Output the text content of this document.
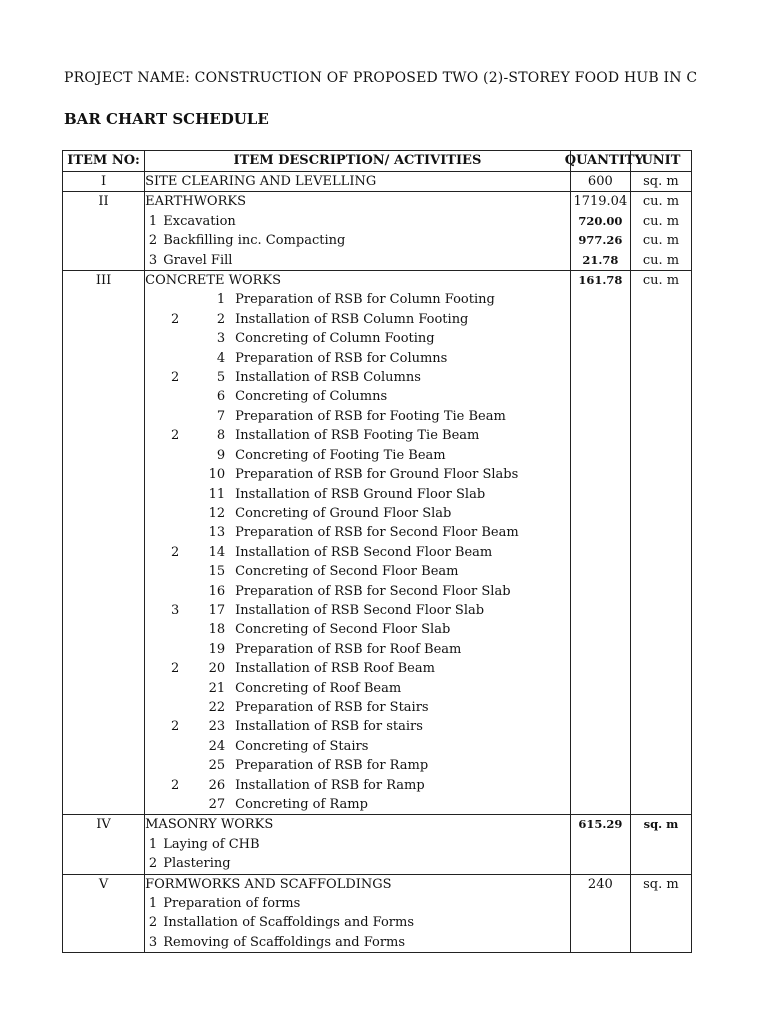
PROJECT NAME: CONSTRUCTION OF PROPOSED TWO (2)-STOREY FOOD HUB IN C
BAR CHART SCHEDULE
ITEM NO:	ITEM DESCRIPTION/ ACTIVITIES	QUANTITY	UNIT
I	SITE CLEARING AND LEVELLING	600	sq. m
II	EARTHWORKS	1719.04	cu. m
	1 Excavation	720.00	cu. m
	2 Backfilling inc. Compacting	977.26	cu. m
	3 Gravel Fill	21.78	cu. m
III	CONCRETE WORKS	161.78	cu. m
	1 Preparation of RSB for Column Footing		
	2 2 Installation of RSB Column Footing		
	3 Concreting of Column Footing		
	4 Preparation of RSB for Columns		
	2 5 Installation of RSB Columns		
	6 Concreting of Columns		
	7 Preparation of RSB for Footing Tie Beam		
	2 8 Installation of RSB Footing Tie Beam		
	9 Concreting of Footing Tie Beam		
	10 Preparation of RSB for Ground Floor Slabs		
	11 Installation of RSB Ground Floor Slab		
	12 Concreting of Ground Floor Slab		
	13 Preparation of RSB for Second Floor Beam		
	2 14 Installation of RSB Second Floor Beam		
	15 Concreting of Second Floor Beam		
	16 Preparation of RSB for Second Floor Slab		
	3 17 Installation of RSB Second Floor Slab		
	18 Concreting of Second Floor Slab		
	19 Preparation of RSB for Roof Beam		
	2 20 Installation of RSB Roof Beam		
	21 Concreting of Roof Beam		
	22 Preparation of RSB for Stairs		
	2 23 Installation of RSB for stairs		
	24 Concreting of Stairs		
	25 Preparation of RSB for Ramp		
	2 26 Installation of RSB for Ramp		
	27 Concreting of Ramp		
IV	MASONRY WORKS	615.29	sq. m
	1 Laying of CHB		
	2 Plastering		
V	FORMWORKS AND SCAFFOLDINGS	240	sq. m
	1 Preparation of forms		
	2 Installation of Scaffoldings and Forms		
	3 Removing of Scaffoldings and Forms		
